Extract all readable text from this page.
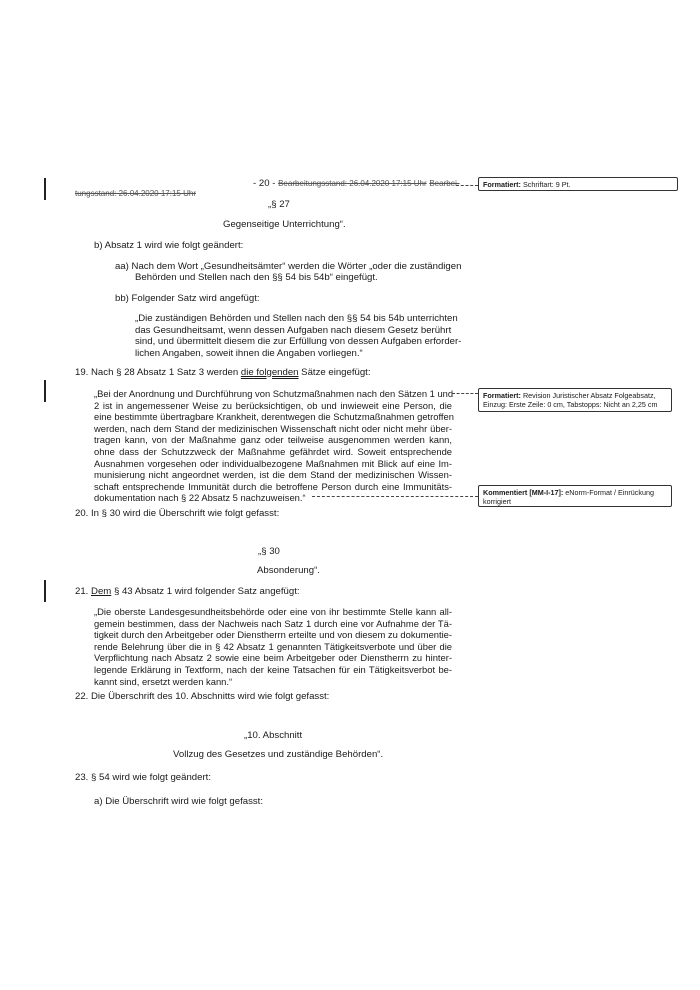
- 20 - Bearbeitungsstand: 26.04.2020 17:15 Uhr Bearbei-
tungsstand: 26.04.2020 17:15 Uhr
Formatiert: Schriftart: 9 Pt.
„§ 27
Gegenseitige Unterrichtung“.
b) Absatz 1 wird wie folgt geändert:
aa) Nach dem Wort „Gesundheitsämter“ werden die Wörter „oder die zuständigen
Behörden und Stellen nach den §§ 54 bis 54b“ eingefügt.
bb) Folgender Satz wird angefügt:
„Die zuständigen Behörden und Stellen nach den §§ 54 bis 54b unterrichten
das Gesundheitsamt, wenn dessen Aufgaben nach diesem Gesetz berührt
sind, und übermittelt diesem die zur Erfüllung von dessen Aufgaben erforder-
lichen Angaben, soweit ihnen die Angaben vorliegen.“
19. Nach § 28 Absatz 1 Satz 3 werden die folgenden Sätze eingefügt:
„Bei der Anordnung und Durchführung von Schutzmaßnahmen nach den Sätzen 1 und
2 ist in angemessener Weise zu berücksichtigen, ob und inwieweit eine Person, die
eine bestimmte übertragbare Krankheit, derentwegen die Schutzmaßnahmen getroffen
werden, nach dem Stand der medizinischen Wissenschaft nicht oder nicht mehr über-
tragen kann, von der Maßnahme ganz oder teilweise ausgenommen werden kann,
ohne dass der Schutzzweck der Maßnahme gefährdet wird. Soweit entsprechende
Ausnahmen vorgesehen oder individualbezogene Maßnahmen mit Blick auf eine Im-
munisierung nicht angeordnet werden, ist die dem Stand der medizinischen Wissen-
schaft entsprechende Immunität durch die betroffene Person durch eine Immunitäts-
dokumentation nach § 22 Absatz 5 nachzuweisen.“
Formatiert: Revision Juristischer Absatz Folgeabsatz,
Einzug: Erste Zeile: 0 cm, Tabstopps: Nicht an 2,25 cm
Kommentiert [MM-I-17]: eNorm-Format / Einrückung
korrigiert
20. In § 30 wird die Überschrift wie folgt gefasst:
„§ 30
Absonderung“.
21. Dem § 43 Absatz 1 wird folgender Satz angefügt:
„Die oberste Landesgesundheitsbehörde oder eine von ihr bestimmte Stelle kann all-
gemein bestimmen, dass der Nachweis nach Satz 1 durch eine vor Aufnahme der Tä-
tigkeit durch den Arbeitgeber oder Dienstherrn erteilte und von diesem zu dokumentie-
rende Belehrung über die in § 42 Absatz 1 genannten Tätigkeitsverbote und über die
Verpflichtung nach Absatz 2 sowie eine beim Arbeitgeber oder Dienstherrn zu hinter-
legende Erklärung in Textform, nach der keine Tatsachen für ein Tätigkeitsverbot be-
kannt sind, ersetzt werden kann.“
22. Die Überschrift des 10. Abschnitts wird wie folgt gefasst:
„10. Abschnitt
Vollzug des Gesetzes und zuständige Behörden“.
23. § 54 wird wie folgt geändert:
a) Die Überschrift wird wie folgt gefasst:
